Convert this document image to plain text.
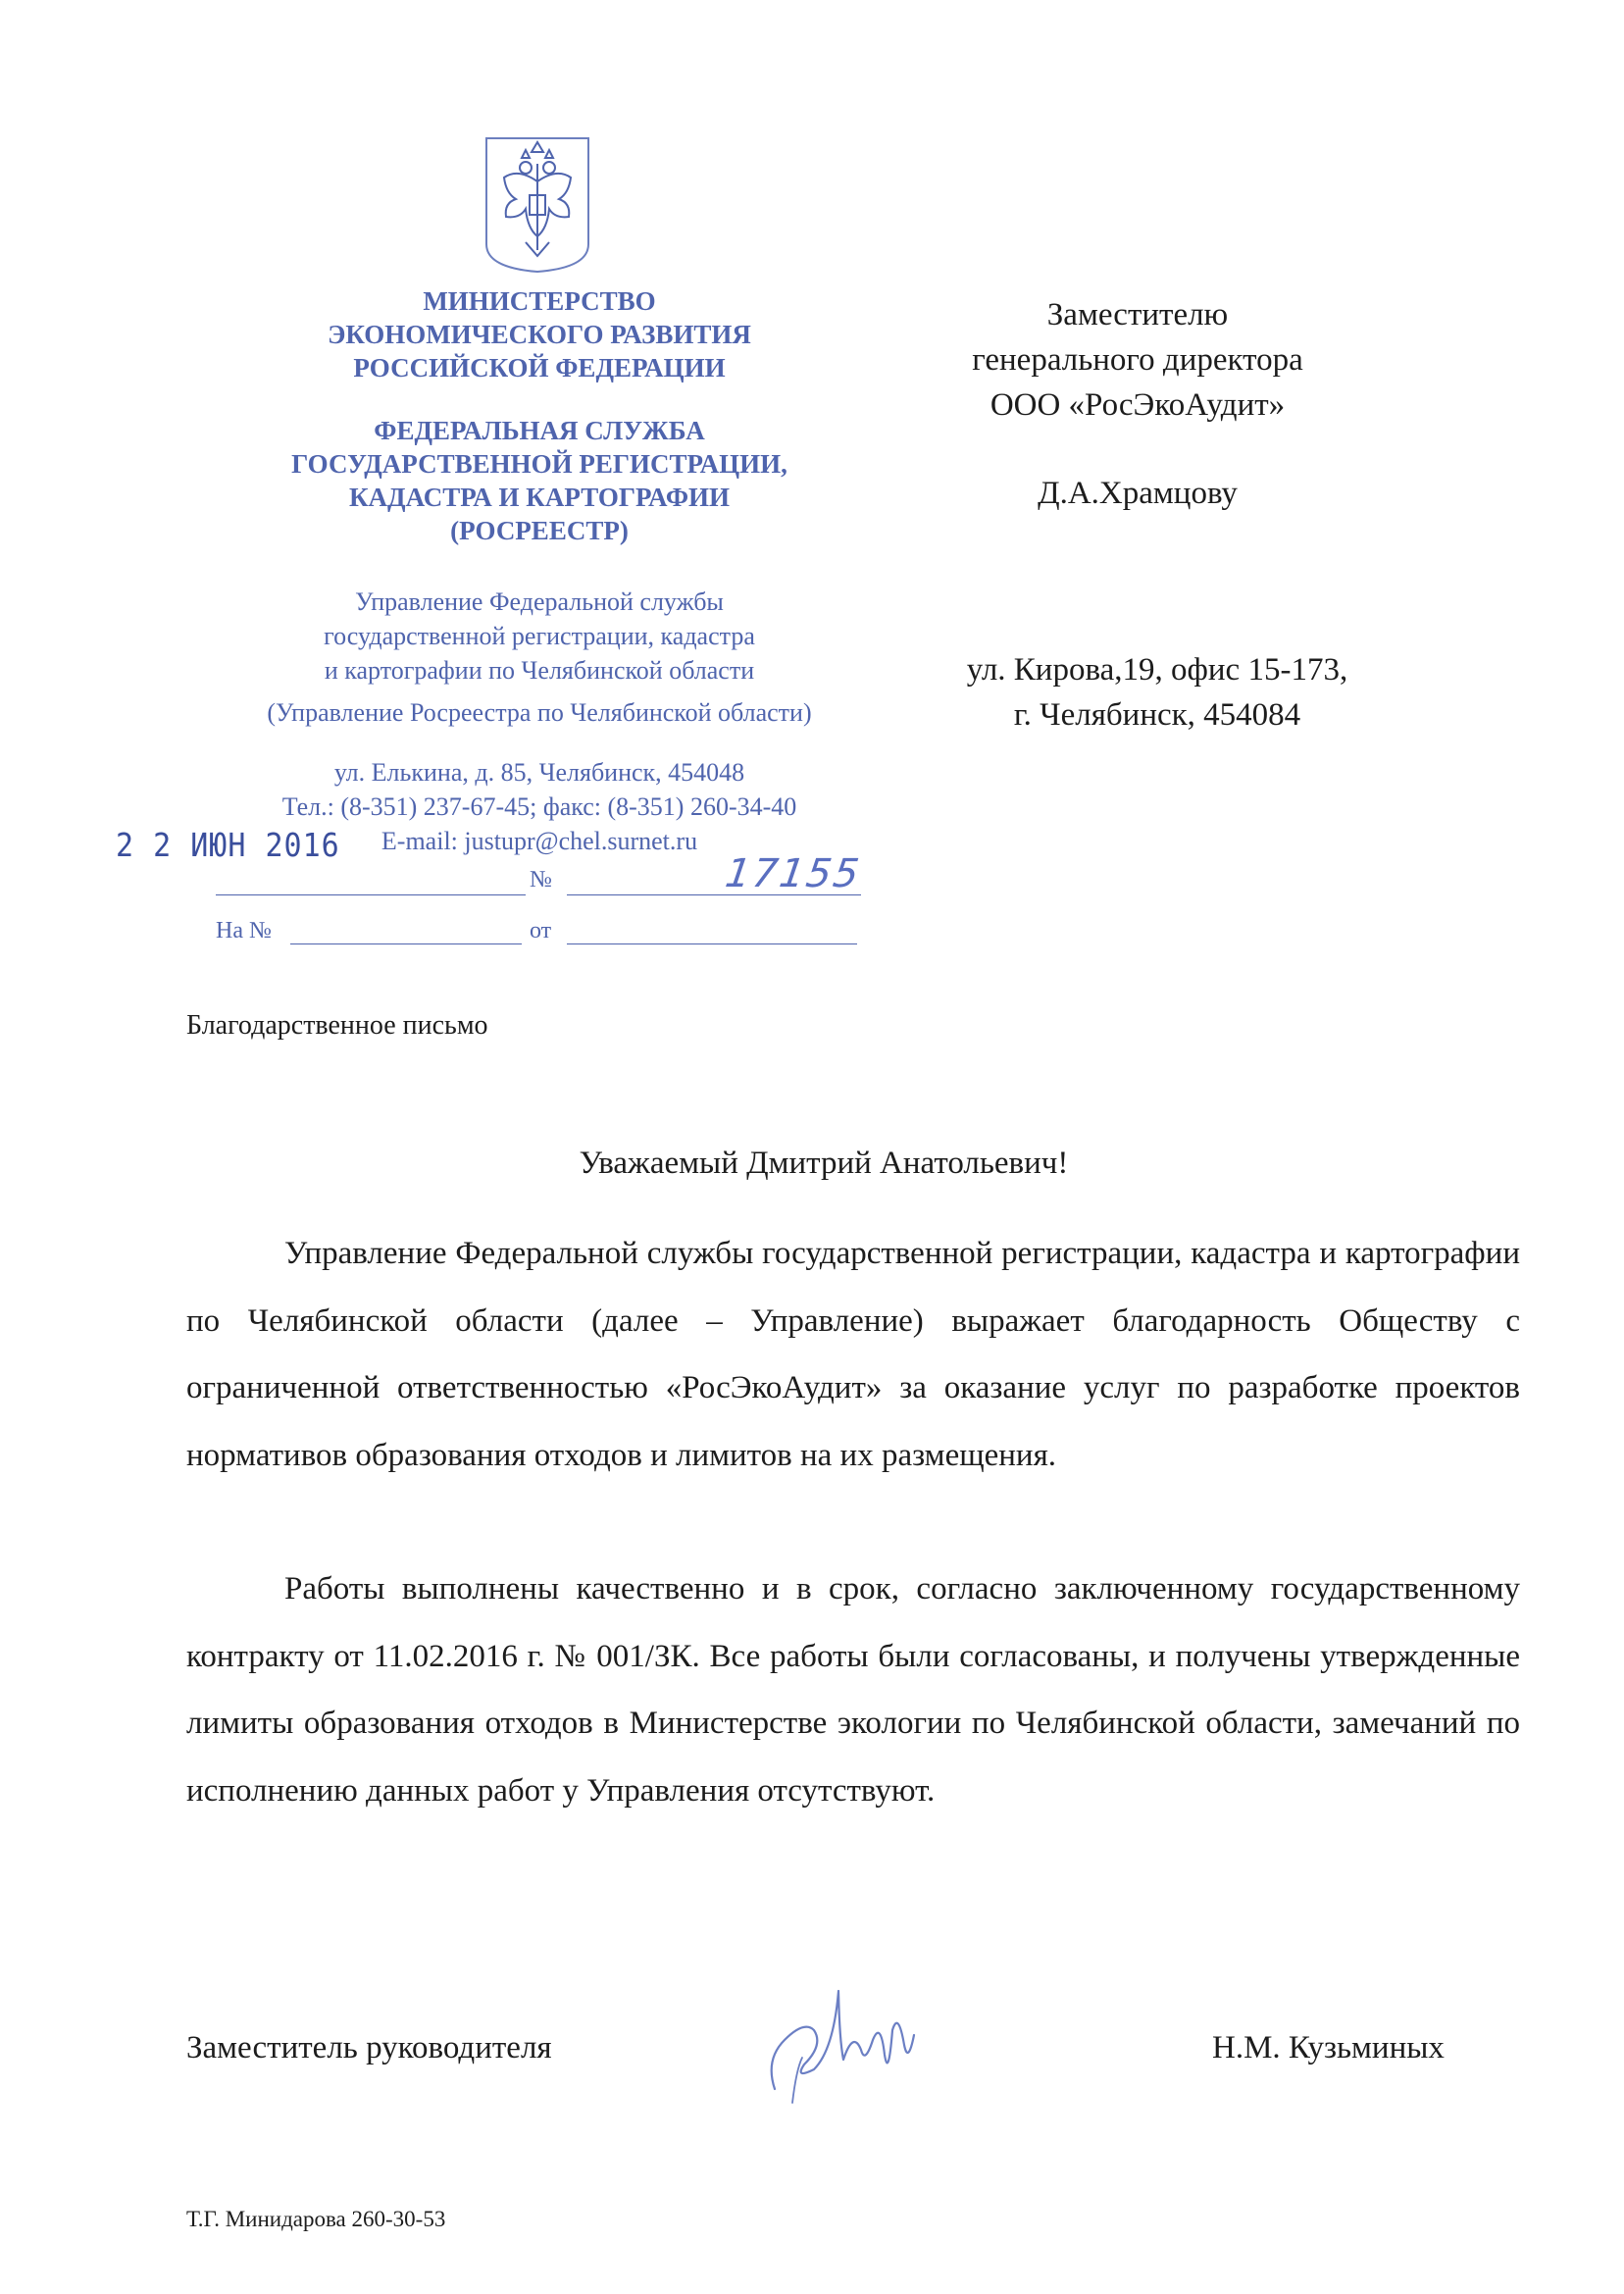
МИНИСТЕРСТВО
ЭКОНОМИЧЕСКОГО РАЗВИТИЯ
РОССИЙСКОЙ ФЕДЕРАЦИИ
ФЕДЕРАЛЬНАЯ СЛУЖБА
ГОСУДАРСТВЕННОЙ РЕГИСТРАЦИИ,
КАДАСТРА И КАРТОГРАФИИ
(РОСРЕЕСТР)
Управление Федеральной службы
государственной регистрации, кадастра
и картографии по Челябинской области
(Управление Росреестра по Челябинской области)
ул. Елькина, д. 85, Челябинск, 454048
Тел.: (8-351) 237-67-45; факс: (8-351) 260-34-40
E-mail: justupr@chel.surnet.ru
2 2 ИЮН 2016
№	17155
На №	от
Заместителю
генерального директора
ООО «РосЭкоАудит»
Д.А.Храмцову
ул. Кирова,19, офис 15-173,
г. Челябинск, 454084
Благодарственное письмо
Уважаемый Дмитрий Анатольевич!
Управление Федеральной службы государственной регистрации, кадастра и картографии по Челябинской области (далее – Управление) выражает благодарность Обществу с ограниченной ответственностью «РосЭкоАудит» за оказание услуг по разработке проектов нормативов образования отходов и лимитов на их размещения.
Работы выполнены качественно и в срок, согласно заключенному государственному контракту от 11.02.2016 г. № 001/ЗК. Все работы были согласованы, и получены утвержденные лимиты образования отходов в Министерстве экологии по Челябинской области, замечаний по исполнению данных работ у Управления отсутствуют.
Заместитель руководителя	Н.М. Кузьминых
Т.Г. Минидарова 260-30-53
